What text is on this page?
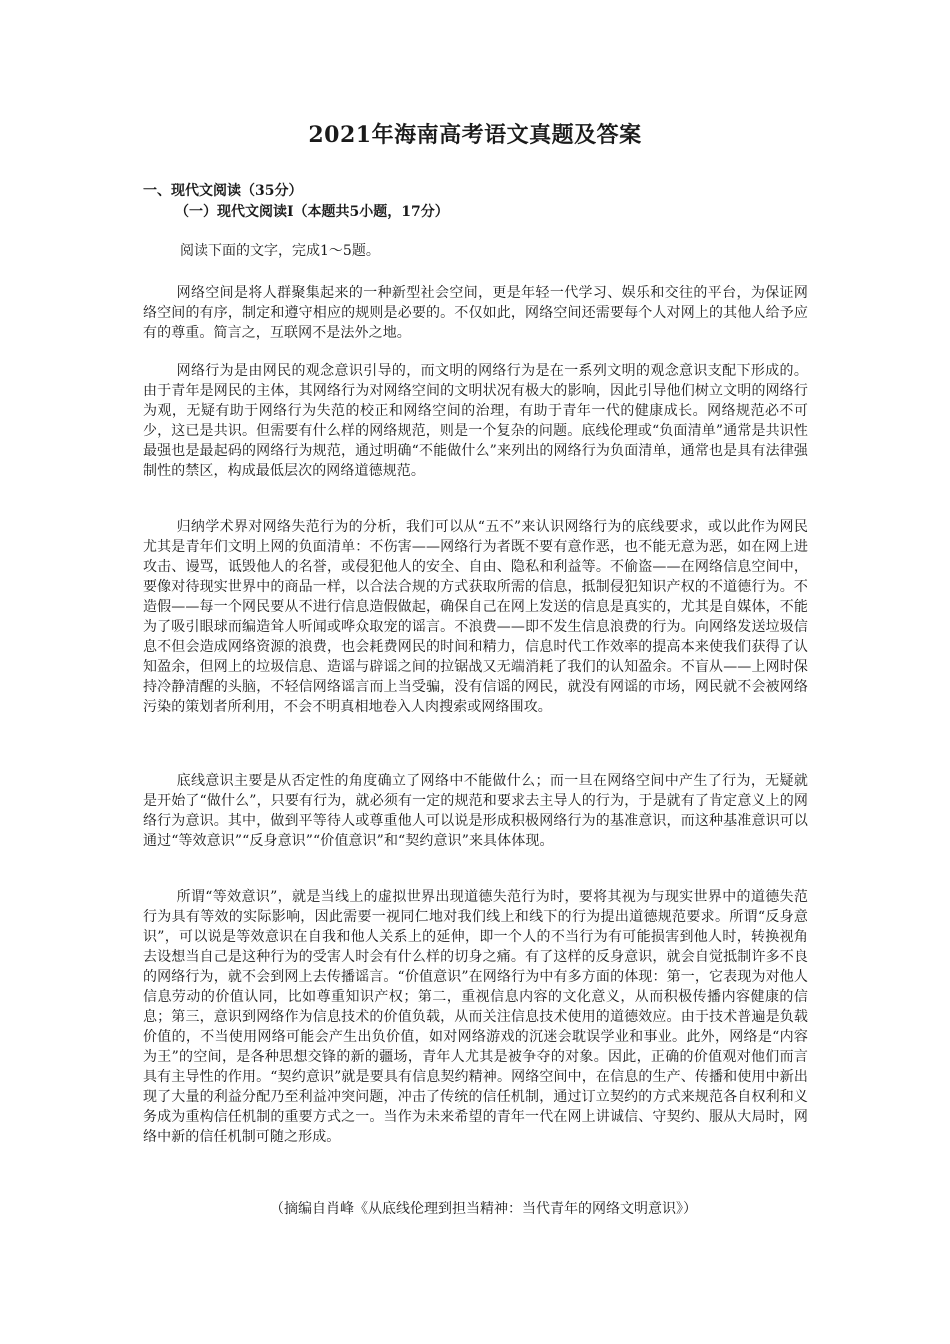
2021年海南高考语文真题及答案
一、现代文阅读（35分）
（一）现代文阅读Ⅰ（本题共5小题，17分）
阅读下面的文字，完成1～5题。

网络空间是将人群聚集起来的一种新型社会空间，更是年轻一代学习、娱乐和交往的平台，为保证网络空间的有序，制定和遵守相应的规则是必要的。不仅如此，网络空间还需要每个人对网上的其他人给予应有的尊重。简言之，互联网不是法外之地。

网络行为是由网民的观念意识引导的，而文明的网络行为是在一系列文明的观念意识支配下形成的。由于青年是网民的主体，其网络行为对网络空间的文明状况有极大的影响，因此引导他们树立文明的网络行为观，无疑有助于网络行为失范的校正和网络空间的治理，有助于青年一代的健康成长。网络规范必不可少，这已是共识。但需要有什么样的网络规范，则是一个复杂的问题。底线伦理或“负面清单”通常是共识性最强也是最起码的网络行为规范，通过明确“不能做什么”来列出的网络行为负面清单，通常也是具有法律强制性的禁区，构成最低层次的网络道德规范。

归纳学术界对网络失范行为的分析，我们可以从“五不”来认识网络行为的底线要求，或以此作为网民尤其是青年们文明上网的负面清单：不伤害——网络行为者既不要有意作恶，也不能无意为恶，如在网上进攻击、谩骂，诋毁他人的名誉，或侵犯他人的安全、自由、隐私和利益等。不偷盗——在网络信息空间中，要像对待现实世界中的商品一样，以合法合规的方式获取所需的信息，抵制侵犯知识产权的不道德行为。不造假——每一个网民要从不进行信息造假做起，确保自己在网上发送的信息是真实的，尤其是自媒体，不能为了吸引眼球而编造耸人听闻或哗众取宠的谣言。不浪费——即不发生信息浪费的行为。向网络发送垃圾信息不但会造成网络资源的浪费，也会耗费网民的时间和精力，信息时代工作效率的提高本来使我们获得了认知盈余，但网上的垃圾信息、造谣与辟谣之间的拉锯战又无端消耗了我们的认知盈余。不盲从——上网时保持冷静清醒的头脑，不轻信网络谣言而上当受骗，没有信谣的网民，就没有网谣的市场，网民就不会被网络污染的策划者所利用，不会不明真相地卷入人肉搜索或网络围攻。

底线意识主要是从否定性的角度确立了网络中不能做什么；而一旦在网络空间中产生了行为，无疑就是开始了“做什么”，只要有行为，就必须有一定的规范和要求去主导人的行为，于是就有了肯定意义上的网络行为意识。其中，做到平等待人或尊重他人可以说是形成积极网络行为的基准意识，而这种基准意识可以通过“等效意识”“反身意识”“价值意识”和“契约意识”来具体体现。

所谓“等效意识”，就是当线上的虚拟世界出现道德失范行为时，要将其视为与现实世界中的道德失范行为具有等效的实际影响，因此需要一视同仁地对我们线上和线下的行为提出道德规范要求。所谓“反身意识”，可以说是等效意识在自我和他人关系上的延伸，即一个人的不当行为有可能损害到他人时，转换视角去设想当自己是这种行为的受害人时会有什么样的切身之痛。有了这样的反身意识，就会自觉抵制许多不良的网络行为，就不会到网上去传播谣言。“价值意识”在网络行为中有多方面的体现：第一，它表现为对他人信息劳动的价值认同，比如尊重知识产权；第二，重视信息内容的文化意义，从而积极传播内容健康的信息；第三，意识到网络作为信息技术的价值负载，从而关注信息技术使用的道德效应。由于技术普遍是负载价值的，不当使用网络可能会产生出负价值，如对网络游戏的沉迷会耽误学业和事业。此外，网络是“内容为王”的空间，是各种思想交锋的新的疆场，青年人尤其是被争夺的对象。因此，正确的价值观对他们而言具有主导性的作用。“契约意识”就是要具有信息契约精神。网络空间中，在信息的生产、传播和使用中新出现了大量的利益分配乃至利益冲突问题，冲击了传统的信任机制，通过订立契约的方式来规范各自权利和义务成为重构信任机制的重要方式之一。当作为未来希望的青年一代在网上讲诚信、守契约、服从大局时，网络中新的信任机制可随之形成。

（摘编自肖峰《从底线伦理到担当精神：当代青年的网络文明意识》）
